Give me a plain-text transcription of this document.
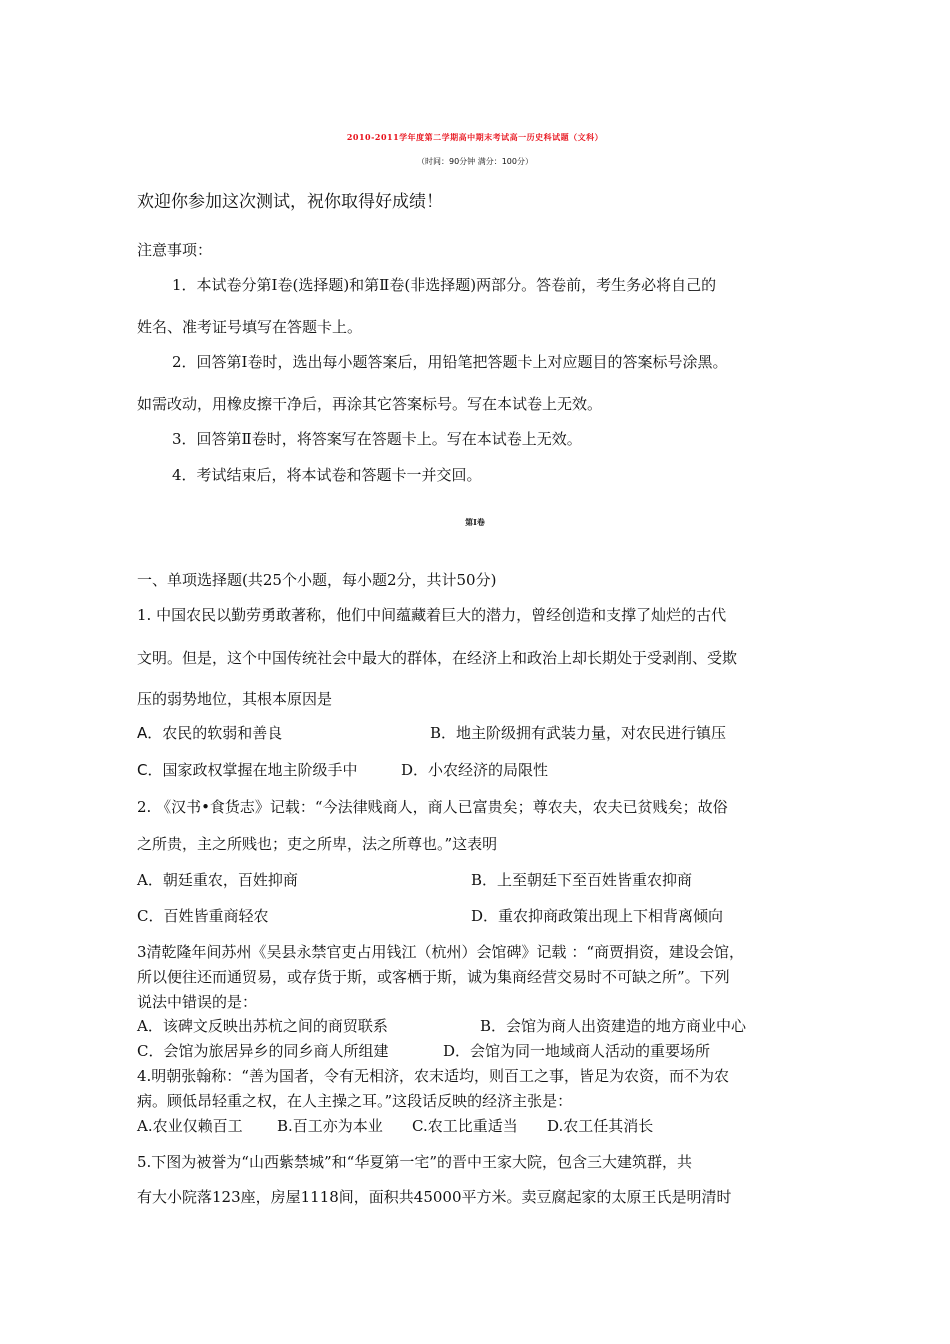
2010-2011学年度第二学期高中期末考试高一历史科试题（文科）
（时间：90分钟 满分：100分）
欢迎你参加这次测试，祝你取得好成绩！
注意事项：
1．本试卷分第Ⅰ卷(选择题)和第Ⅱ卷(非选择题)两部分。答卷前，考生务必将自己的
姓名、准考证号填写在答题卡上。
2．回答第Ⅰ卷时，选出每小题答案后，用铅笔把答题卡上对应题目的答案标号涂黑。
如需改动，用橡皮擦干净后，再涂其它答案标号。写在本试卷上无效。
3．回答第Ⅱ卷时，将答案写在答题卡上。写在本试卷上无效。
4．考试结束后，将本试卷和答题卡一并交回。
第Ⅰ卷
一、单项选择题(共25个小题，每小题2分，共计50分)
1. 中国农民以勤劳勇敢著称，他们中间蕴藏着巨大的潜力，曾经创造和支撑了灿烂的古代
文明。但是，这个中国传统社会中最大的群体，在经济上和政治上却长期处于受剥削、受欺
压的弱势地位，其根本原因是
A．农民的软弱和善良	B．地主阶级拥有武装力量，对农民进行镇压
C．国家政权掌握在地主阶级手中	D．小农经济的局限性
2. 《汉书•食货志》记载：“今法律贱商人，商人已富贵矣；尊农夫，农夫已贫贱矣；故俗
之所贵，主之所贱也；吏之所卑，法之所尊也。”这表明
A．朝廷重农，百姓抑商	B．上至朝廷下至百姓皆重农抑商
C．百姓皆重商轻农	D．重农抑商政策出现上下相背离倾向
3清乾隆年间苏州《吴县永禁官吏占用钱江（杭州）会馆碑》记载 ：“商贾捐资，建设会馆，
所以便往还而通贸易，或存货于斯，或客栖于斯，诚为集商经营交易时不可缺之所”。下列
说法中错误的是：
A．该碑文反映出苏杭之间的商贸联系	B．会馆为商人出资建造的地方商业中心
C．会馆为旅居异乡的同乡商人所组建	D．会馆为同一地域商人活动的重要场所
4.明朝张翰称：“善为国者，令有无相济，农末适均，则百工之事，皆足为农资，而不为农
病。顾低昂轻重之权，在人主操之耳。”这段话反映的经济主张是：
A.农业仅赖百工 B.百工亦为本业 C.农工比重适当 D.农工任其消长
5.下图为被誉为“山西紫禁城”和“华夏第一宅”的晋中王家大院，包含三大建筑群，共
有大小院落123座，房屋1118间，面积共45000平方米。卖豆腐起家的太原王氏是明清时
